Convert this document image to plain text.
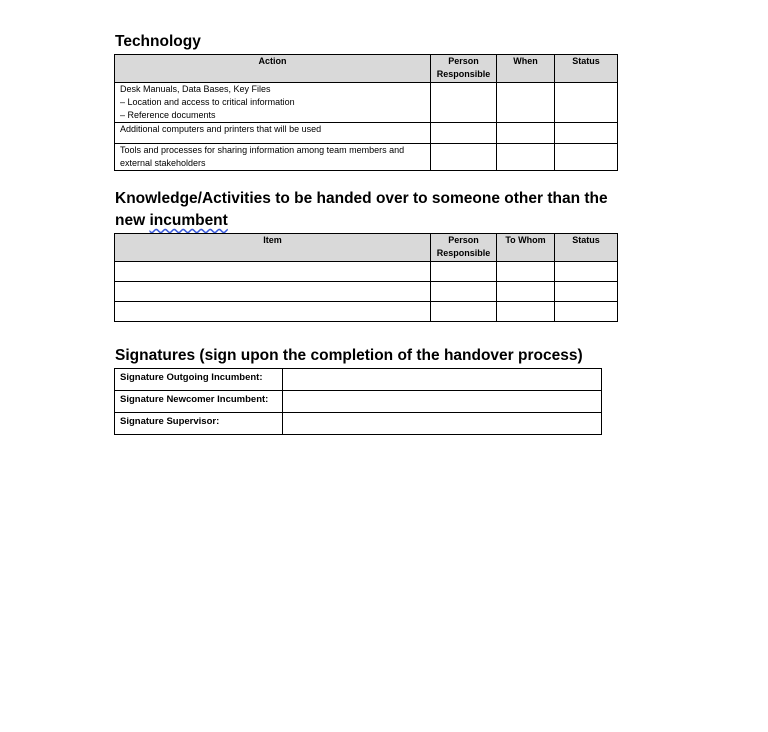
Technology
Action	Person Responsible	When	Status

Desk Manuals, Data Bases, Key Files
– Location and access to critical information
– Reference documents			

Additional computers and printers that will be used			

Tools and processes for sharing information among team members and external stakeholders			

Knowledge/Activities to be handed over to someone other than the
new incumbent
Item	Person Responsible	To Whom	Status

Signatures (sign upon the completion of the handover process)
Signature Outgoing Incumbent:	
Signature Newcomer Incumbent:	
Signature Supervisor:	
